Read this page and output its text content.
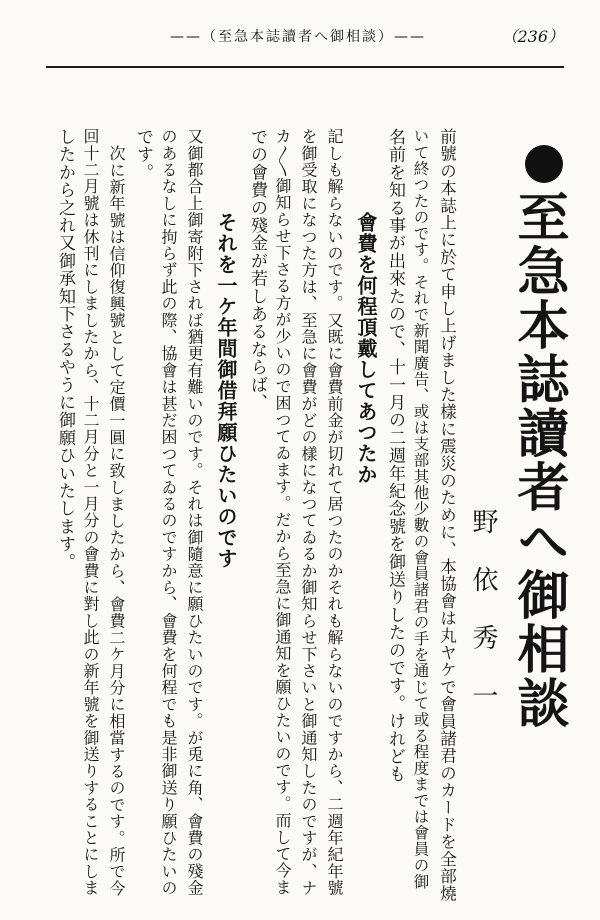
——（至急本誌讀者へ御相談）——	（236）
至急本誌讀者へ御相談
野依秀一
前號の本誌上に於て申し上げました樣に震災のために、本協會は丸ヤケで會員諸君のカードを全部燒
いて終つたのです。それで新聞廣告、或は支部其他少數の會員諸君の手を通じて或る程度までは會員の御
名前を知る事が出來たので、十一月の二週年紀念號を御送りしたのです。けれども
會費を何程頂戴してあつたか
記しも解らないのです。又既に會費前金が切れて居つたのかそれも解らないのですから、二週年紀年號
を御受取になつた方は、至急に會費がどの樣になつてゐるか御知らせ下さいと御通知したのですが、ナ
カ〳〵御知らせ下さる方が少いので困つてゐます。だから至急に御通知を願ひたいのです。而して今ま
での會費の殘金が若しあるならば、
それを一ケ年間御借拜願ひたいのです
又御都合上御寄附下されば猶更有難いのです。それは御隨意に願ひたいのです。が兎に角、會費の殘金
のあるなしに拘らず此の際、協會は甚だ困つてゐるのですから、會費を何程でも是非御送り願ひたいの
です。
次に新年號は信仰復興號として定價一圓に致しましたから、會費二ケ月分に相當するのです。所で今
回十二月號は休刊にしましたから、十二月分と一月分の會費に對し此の新年號を御送りすることにしま
したから之れ又御承知下さるやうに御願ひいたします。
